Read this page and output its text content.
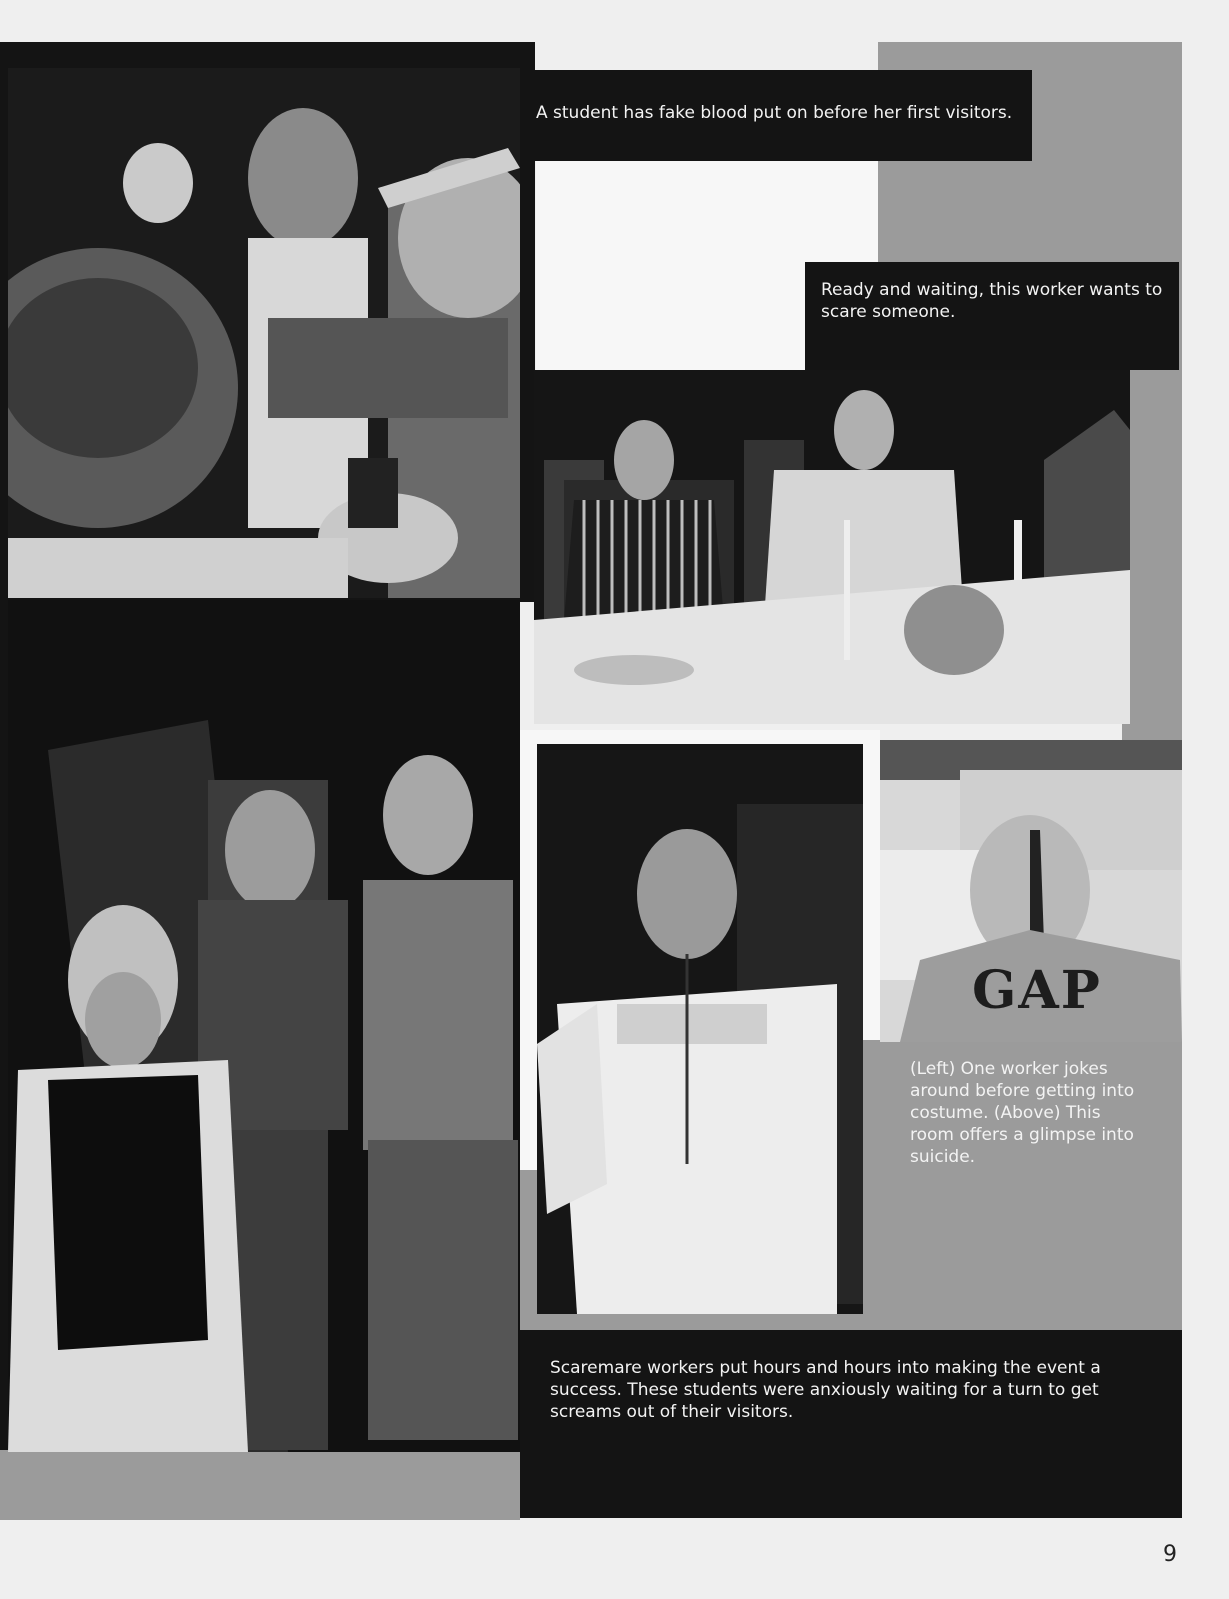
A student has fake blood put on before her first visitors.
Ready and waiting, this worker wants to scare someone.
GAP
(Left) One worker jokes around before getting into costume. (Above) This room offers a glimpse into suicide.
Scaremare workers put hours and hours into making the event a success. These students were anxiously waiting for a turn to get screams out of their visitors.
9
